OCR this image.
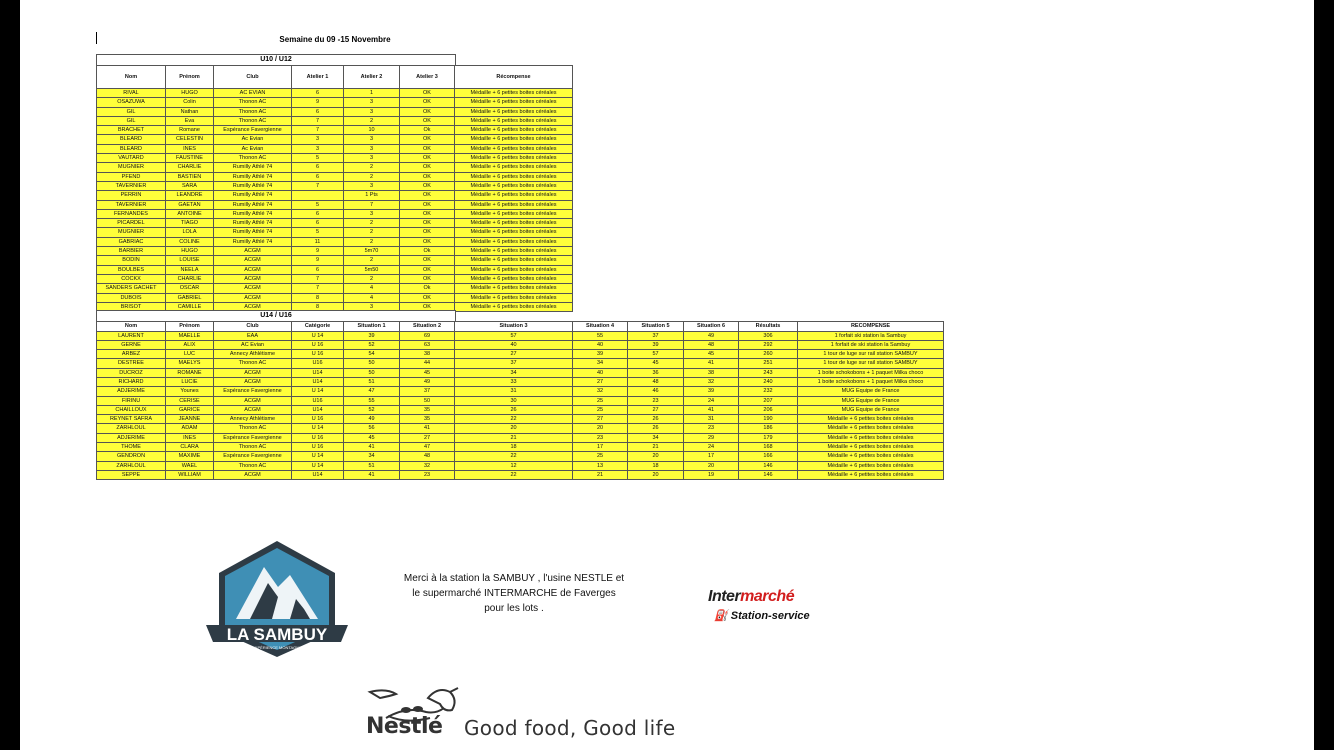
Semaine du 09 -15 Novembre
U10 / U12
Nom	Prénom	Club	Atelier 1	Atelier 2	Atelier 3	Récompense
RIVAL	HUGO	AC EVIAN	6	1	OK	Médaille + 6 petites boites céréales
OSAZUWA	Colin	Thonon AC	9	3	OK	Médaille + 6 petites boites céréales
GIL	Nathan	Thonon AC	6	3	OK	Médaille + 6 petites boites céréales
GIL	Eva	Thonon AC	7	2	OK	Médaille + 6 petites boites céréales
BRACHET	Romane	Espérance Favergienne	7	10	Ok	Médaille + 6 petites boites céréales
BLEARD	CELESTIN	Ac Evian	3	3	OK	Médaille + 6 petites boites céréales
BLEARD	INES	Ac Evian	3	3	OK	Médaille + 6 petites boites céréales
VAUTARD	FAUSTINE	Thonon AC	5	3	OK	Médaille + 6 petites boites céréales
MUGNIER	CHARLIE	Rumilly Athlé 74	6	2	OK	Médaille + 6 petites boites céréales
PFEND	BASTIEN	Rumilly Athlé 74	6	2	OK	Médaille + 6 petites boites céréales
TAVERNIER	SARA	Rumilly Athlé 74	7	3	OK	Médaille + 6 petites boites céréales
PERRIN	LEANDRE	Rumilly Athlé 74		1 Pts	OK	Médaille + 6 petites boites céréales
TAVERNIER	GAETAN	Rumilly Athlé 74	5	7	OK	Médaille + 6 petites boites céréales
FERNANDES	ANTOINE	Rumilly Athlé 74	6	3	OK	Médaille + 6 petites boites céréales
PICARDEL	TIAGO	Rumilly Athlé 74	6	2	OK	Médaille + 6 petites boites céréales
MUGNIER	LOLA	Rumilly Athlé 74	5	2	OK	Médaille + 6 petites boites céréales
GABRIAC	COLINE	Rumilly Athlé 74	11	2	OK	Médaille + 6 petites boites céréales
BARBIER	HUGO	ACGM	9	5m70	Ok	Médaille + 6 petites boites céréales
BODIN	LOUISE	ACGM	9	2	OK	Médaille + 6 petites boites céréales
BOULBES	NEELA	ACGM	6	5m50	OK	Médaille + 6 petites boites céréales
COCKX	CHARLIE	ACGM	7	2	OK	Médaille + 6 petites boites céréales
SANDERS GACHET	OSCAR	ACGM	7	4	Ok	Médaille + 6 petites boites céréales
DUBOIS	GABRIEL	ACGM	8	4	OK	Médaille + 6 petites boites céréales
BRISOT	CAMILLE	ACGM	8	3	OK	Médaille + 6 petites boites céréales
U14 / U16
Nom	Prénom	Club	Catégorie	Situation 1	Situation 2	Situation 3	Situation 4	Situation 5	Situation 6	Résultats	RECOMPENSE
LAURENT	MAELLE	EAA	U 14	39	69	57	55	37	49	306	1 forfait ski station la Sambuy
GERNE	ALIX	AC Evian	U 16	52	63	40	40	39	48	292	1 forfait de ski station la Sambuy
ARBEZ	LUC	Annecy Athlétisme	U 16	54	38	27	39	57	45	260	1 tour de luge sur rail station SAMBUY
DESTREE	MAELYS	Thonon AC	U16	50	44	37	34	45	41	251	1 tour de luge sur rail station SAMBUY
DUCROZ	ROMANE	ACGM	U14	50	45	34	40	36	38	243	1 boite schokobons + 1 paquet Milka choco
RICHARD	LUCIE	ACGM	U14	51	49	33	27	48	32	240	1 boite schokobons + 1 paquet Milka choco
ADJERIME	Younes	Espérance Favergienne	U 14	47	37	31	32	46	39	232	MUG Equipe de France
FIRINU	CERISE	ACGM	U16	55	50	30	25	23	24	207	MUG Equipe de France
CHAILLOUX	GARICE	ACGM	U14	52	35	26	25	27	41	206	MUG Equipe de France
REYNET SAFRA	JEANNE	Annecy Athlétisme	U 16	49	35	22	27	26	31	190	Médaille + 6 petites boites céréales
ZARHLOUL	ADAM	Thonon AC	U 14	56	41	20	20	26	23	186	Médaille + 6 petites boites céréales
ADJERIME	INES	Espérance Favergienne	U 16	45	27	21	23	34	29	179	Médaille + 6 petites boites céréales
THOME	CLARA	Thonon AC	U 16	41	47	18	17	21	24	168	Médaille + 6 petites boites céréales
GENDRON	MAXIME	Espérance Favergienne	U 14	34	48	22	25	20	17	166	Médaille + 6 petites boites céréales
ZARHLOUL	WAEL	Thonon AC	U 14	51	32	12	13	18	20	146	Médaille + 6 petites boites céréales
SEPPE	WILLIAM	ACGM	U14	41	23	22	21	20	19	146	Médaille + 6 petites boites céréales
LA SAMBUY
EXPÉRIENCE MONTAGNE
Merci à la station la SAMBUY , l'usine NESTLE et
le supermarché INTERMARCHE de Faverges
pour les lots .
Intermarché
⛽ Station-service
Nestlé Good food, Good life
